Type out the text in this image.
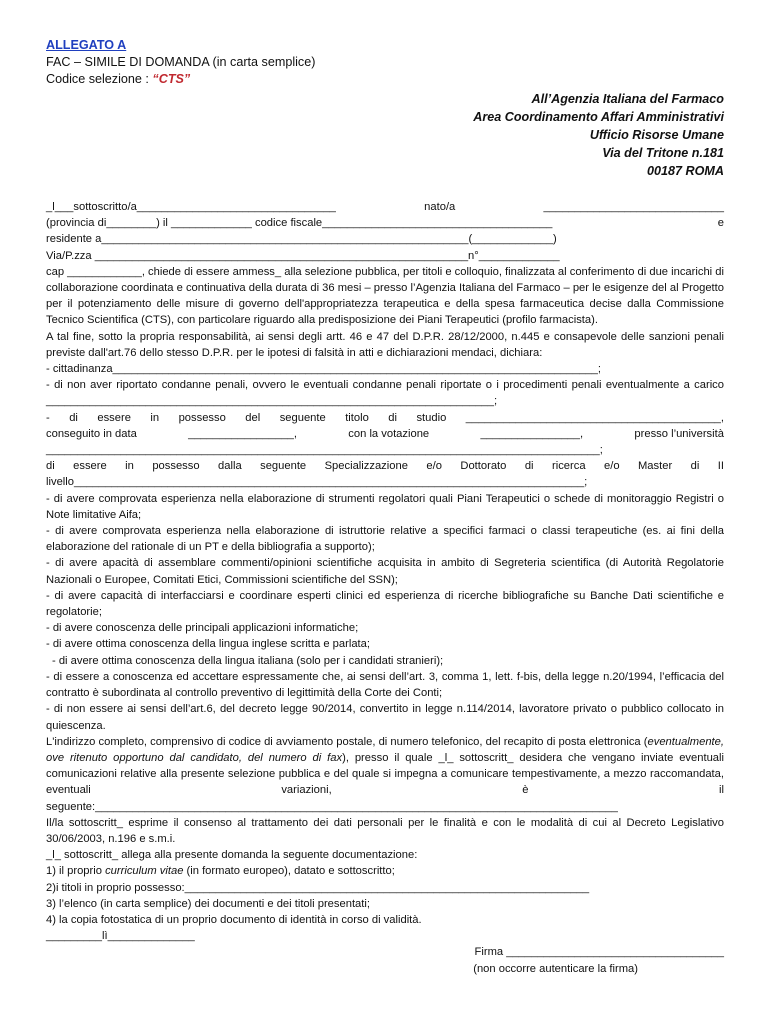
ALLEGATO A
FAC – SIMILE DI DOMANDA (in carta semplice)
Codice selezione : “CTS”
All’Agenzia Italiana del Farmaco
Area Coordinamento Affari Amministrativi
Ufficio Risorse Umane
Via del Tritone n.181
00187 ROMA
_l___sottoscritto/a________________________________	nato/a	_____________________________
(provincia di________) il _____________ codice fiscale_____________________________________	e
residente a___________________________________________________________(_____________)
Via/P.zza ____________________________________________________________n°_____________
cap ____________, chiede di essere ammess_ alla selezione pubblica, per titoli e colloquio, finalizzata al conferimento di due incarichi di collaborazione coordinata e continuativa della durata di 36 mesi – presso l’Agenzia Italiana del Farmaco – per le esigenze del al Progetto per il potenziamento delle misure di governo dell'appropriatezza terapeutica e della spesa farmaceutica decise dalla Commissione Tecnico Scientifica (CTS), con particolare riguardo alla predisposizione dei Piani Terapeutici (profilo farmacista).
A tal fine, sotto la propria responsabilità, ai sensi degli artt. 46 e 47 del D.P.R. 28/12/2000, n.445 e consapevole delle sanzioni penali previste dall'art.76 dello stesso D.P.R. per le ipotesi di falsità in atti e dichiarazioni mendaci, dichiara:
- cittadinanza______________________________________________________________________________;
- di non aver riportato condanne penali, ovvero le eventuali condanne penali riportate o i procedimenti penali eventualmente a carico ________________________________________________________________________;
- di essere in possesso del seguente titolo di studio _________________________________________,
conseguito in data	_________________,	con la votazione	________________,	presso l’università
_________________________________________________________________________________________;
di essere in possesso dalla seguente Specializzazione e/o Dottorato di ricerca e/o Master di II
livello__________________________________________________________________________________;
- di avere comprovata esperienza nella elaborazione di strumenti regolatori quali Piani Terapeutici o schede di monitoraggio Registri o Note limitative Aifa;
- di avere comprovata esperienza nella elaborazione di istruttorie relative a specifici farmaci o classi terapeutiche (es. ai fini della elaborazione del rationale di un PT e della bibliografia a supporto);
- di avere apacità di assemblare commenti/opinioni scientifiche acquisita in ambito di Segreteria scientifica (di Autorità Regolatorie Nazionali o Europee, Comitati Etici, Commissioni scientifiche del SSN);
- di avere capacità di interfacciarsi e coordinare esperti clinici ed esperienza di ricerche bibliografiche su Banche Dati scientifiche e regolatorie;
- di avere conoscenza delle principali applicazioni informatiche;
- di avere ottima conoscenza della lingua inglese scritta e parlata;
- di avere ottima conoscenza della lingua italiana (solo per i candidati stranieri);
- di essere a conoscenza ed accettare espressamente che, ai sensi dell’art. 3, comma 1, lett. f-bis, della legge n.20/1994, l’efficacia del contratto è subordinata al controllo preventivo di legittimità della Corte dei Conti;
- di non essere ai sensi dell’art.6, del decreto legge 90/2014, convertito in legge n.114/2014, lavoratore privato o pubblico collocato in quiescenza.
L'indirizzo completo, comprensivo di codice di avviamento postale, di numero telefonico, del recapito di posta elettronica (eventualmente, ove ritenuto opportuno dal candidato, del numero di fax), presso il quale _l_ sottoscritt_ desidera che vengano inviate eventuali comunicazioni relative alla presente selezione pubblica e del quale si impegna a comunicare tempestivamente, a mezzo raccomandata, eventuali variazioni, è il seguente:____________________________________________________________________________________
Il/la sottoscritt_ esprime il consenso al trattamento dei dati personali per le finalità e con le modalità di cui al Decreto Legislativo 30/06/2003, n.196 e s.m.i.
_l_ sottoscritt_ allega alla presente domanda la seguente documentazione:
1) il proprio curriculum vitae (in formato europeo), datato e sottoscritto;
2)i titoli in proprio possesso:_________________________________________________________________
3) l’elenco (in carta semplice) dei documenti e dei titoli presentati;
4) la copia fotostatica di un proprio documento di identità in corso di validità.
_________lì______________
Firma ___________________________________
(non occorre autenticare la firma)
